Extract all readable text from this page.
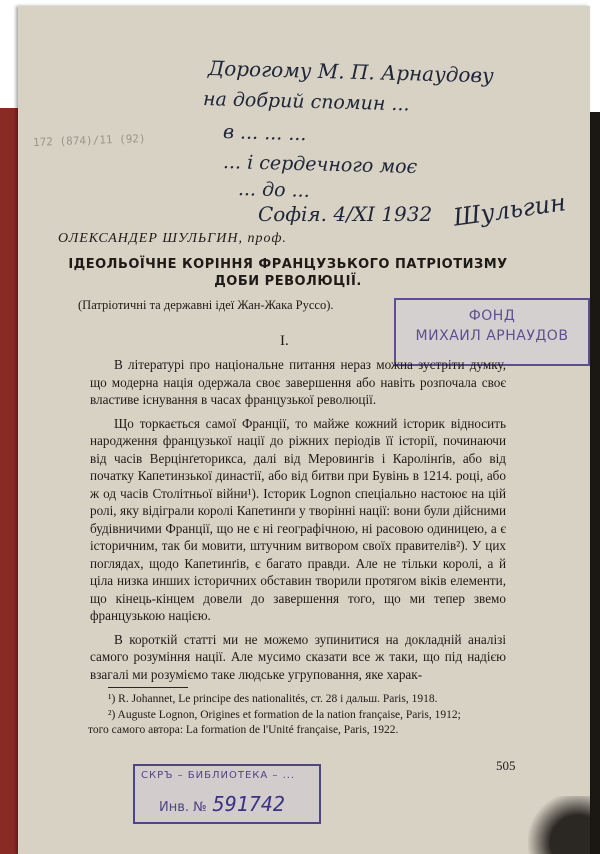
Дорогому М. П. Арнаудову
на добрий спомин ...
в ... ... ...
... і сердечного моє
... до ...
Софія. 4/XI 1932 Шульгин
172 (874)/11 (92)
ОЛЕКСАНДЕР ШУЛЬГИН, проф.
ІДЕОЛЬОЇЧНЕ КОРІННЯ ФРАНЦУЗЬКОГО ПАТРІОТИЗМУ
ДОБИ РЕВОЛЮЦІЇ.
(Патріотичні та державні ідеї Жан-Жака Руссо).
ФОНД
МИХАИЛ АРНАУДОВ
I.

В літературі про національне питання нераз можна зустріти думку, що модерна нація одержала своє завершення або навіть розпочала своє властиве існування в часах французької революції.

Що торкається самої Франції, то майже кожний історик відносить народження французької нації до ріжних періодів її історії, починаючи від часів Верцінґеторикса, далі від Меровингів і Каролінґів, або від початку Капетинзької династії, або від битви при Бувінь в 1214. році, або ж од часів Столітньої війни¹). Історик Lognon спеціально настоює на цій ролі, яку відіграли королі Капетинґи у творінні нації: вони були дійсними будівничими Франції, що не є ні географічною, ні расовою одиницею, а є історичним, так би мовити, штучним витвором своїх правителів²). У цих поглядах, щодо Капетинґів, є багато правди. Але не тільки королі, а й ціла низка инших історичних обставин творили протягом віків елементи, що кінець-кінцем довели до завершення того, що ми тепер звемо французькою нацією.

В короткій статті ми не можемо зупинитися на докладній аналізі самого розуміння нації. Але мусимо сказати все ж таки, що під надією взагалі ми розуміємо таке людське угруповання, яке харак-

¹) R. Johannet, Le principe des nationalités, ст. 28 і дальш. Paris, 1918.
²) Auguste Lognon, Origines et formation de la nation française, Paris, 1912;
того самого автора: La formation de l'Unité française, Paris, 1922.
505
СКРЪ – БИБЛИОТЕКА – ...
Инв. № 591742
